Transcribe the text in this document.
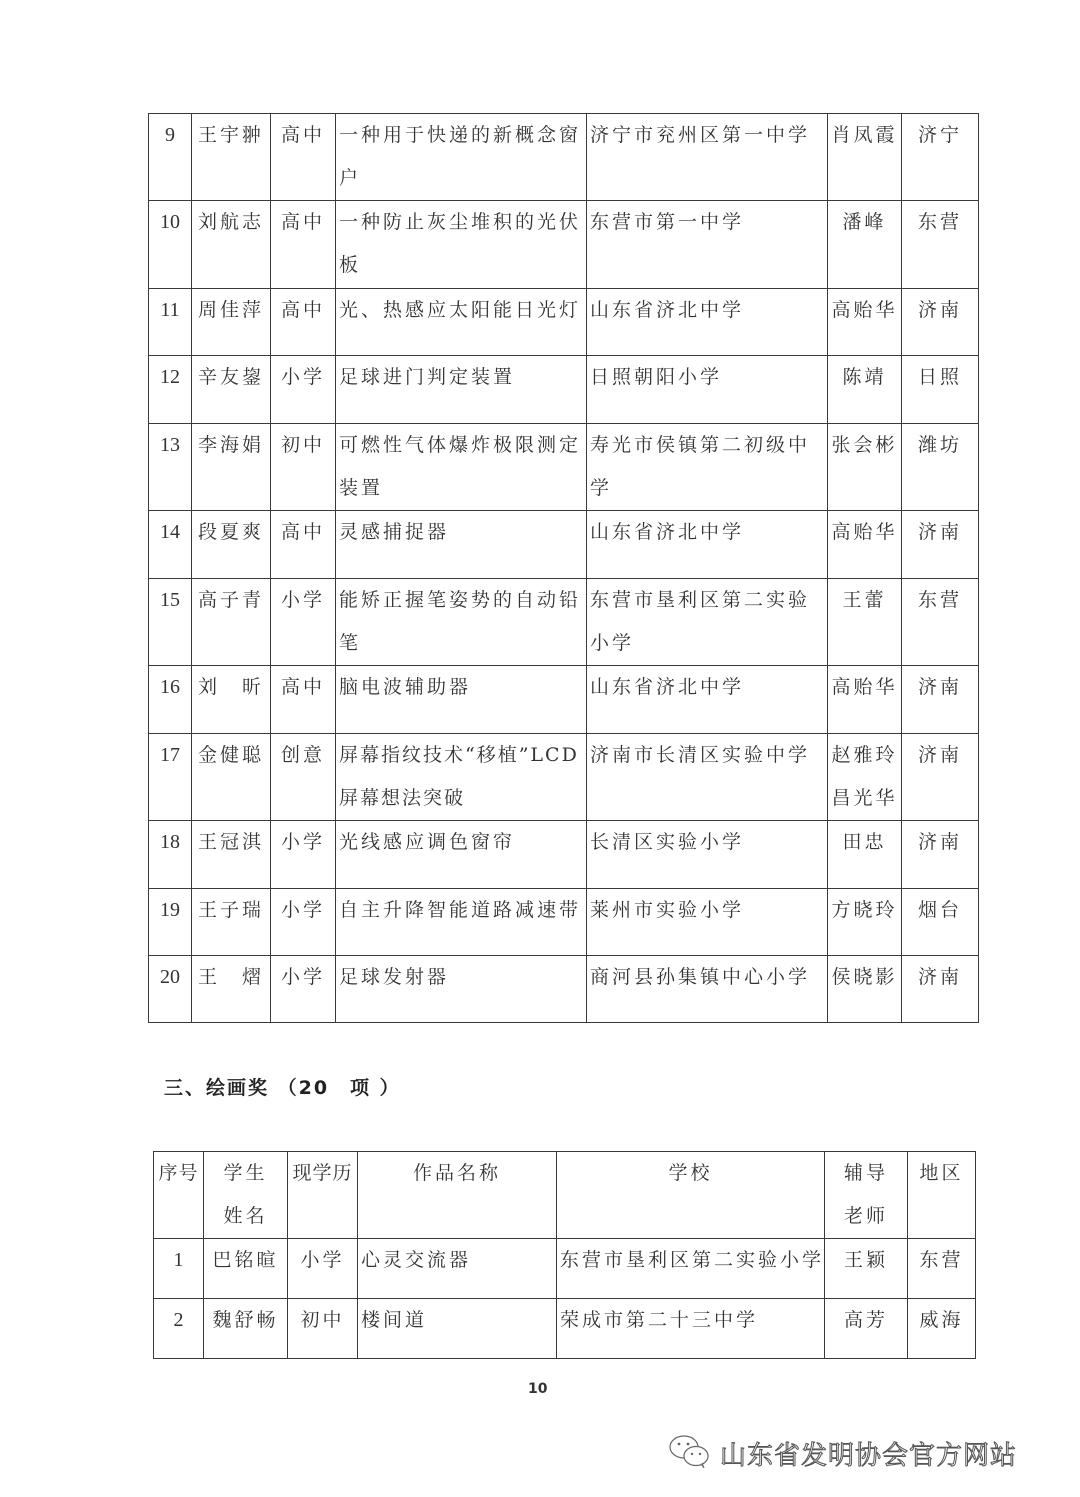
9	王宇翀	高中	一种用于快递的新概念窗户	济宁市兖州区第一中学	肖凤霞	济宁
10	刘航志	高中	一种防止灰尘堆积的光伏板	东营市第一中学	潘峰	东营
11	周佳萍	高中	光、热感应太阳能日光灯	山东省济北中学	高贻华	济南
12	辛友鋆	小学	足球进门判定装置	日照朝阳小学	陈靖	日照
13	李海娟	初中	可燃性气体爆炸极限测定装置	寿光市侯镇第二初级中学	张会彬	潍坊
14	段夏爽	高中	灵感捕捉器	山东省济北中学	高贻华	济南
15	高子青	小学	能矫正握笔姿势的自动铅笔	东营市垦利区第二实验小学	王蕾	东营
16	刘　昕	高中	脑电波辅助器	山东省济北中学	高贻华	济南
17	金健聪	创意	屏幕指纹技术“移植”LCD屏幕想法突破	济南市长清区实验中学	赵雅玲昌光华	济南
18	王冠淇	小学	光线感应调色窗帘	长清区实验小学	田忠	济南
19	王子瑞	小学	自主升降智能道路减速带	莱州市实验小学	方晓玲	烟台
20	王　熠	小学	足球发射器	商河县孙集镇中心小学	侯晓影	济南
三、绘画奖 （20　项 ）
序号	学生姓名	现学历	作品名称	学校	辅导老师	地区
1	巴铭暄	小学	心灵交流器	东营市垦利区第二实验小学	王颖	东营
2	魏舒畅	初中	楼间道	荣成市第二十三中学	高芳	威海
10
山东省发明协会官方网站
